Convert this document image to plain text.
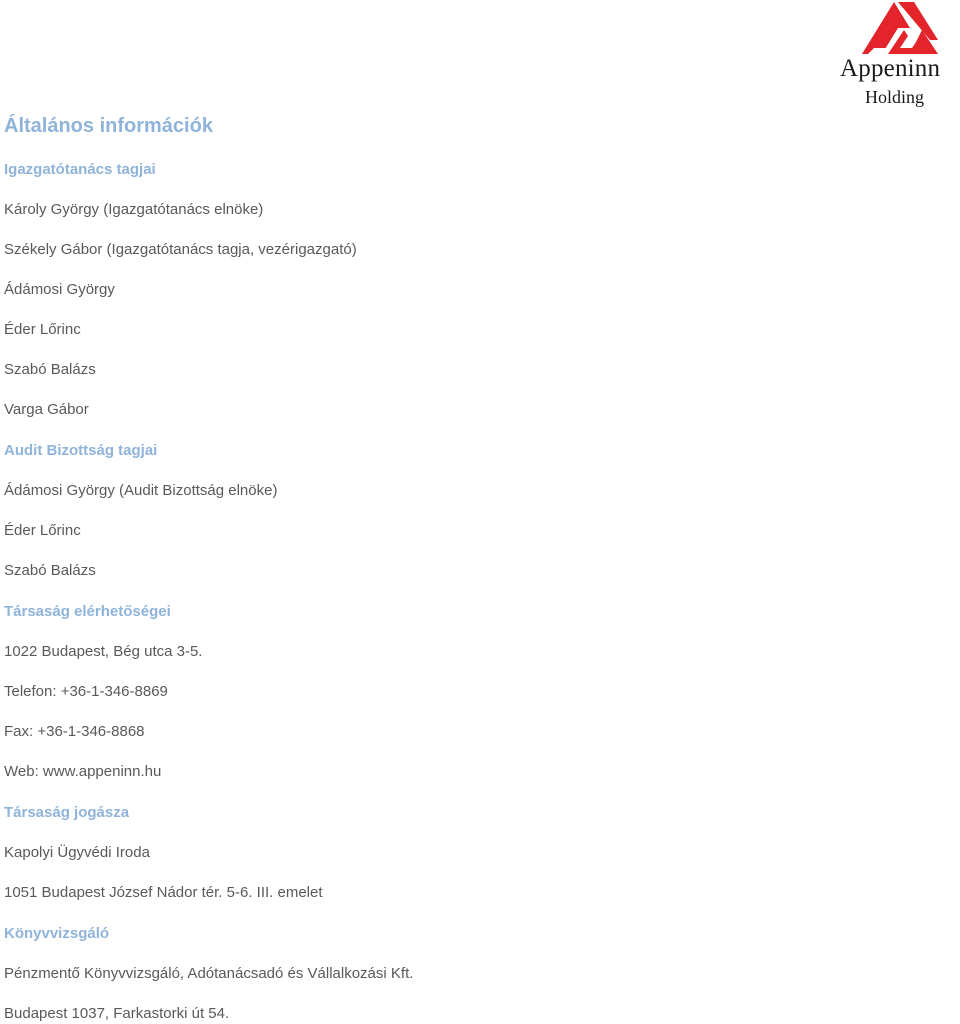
Appeninn
Holding
Általános információk
Igazgatótanács tagjai
Károly György (Igazgatótanács elnöke)
Székely Gábor (Igazgatótanács tagja, vezérigazgató)
Ádámosi György
Éder Lőrinc
Szabó Balázs
Varga Gábor
Audit Bizottság tagjai
Ádámosi György (Audit Bizottság elnöke)
Éder Lőrinc
Szabó Balázs
Társaság elérhetőségei
1022 Budapest, Bég utca 3-5.
Telefon: +36-1-346-8869
Fax: +36-1-346-8868
Web: www.appeninn.hu
Társaság jogásza
Kapolyi Ügyvédi Iroda
1051 Budapest József Nádor tér. 5-6. III. emelet
Könyvvizsgáló
Pénzmentő Könyvvizsgáló, Adótanácsadó és Vállalkozási Kft.
Budapest 1037, Farkastorki út 54.
